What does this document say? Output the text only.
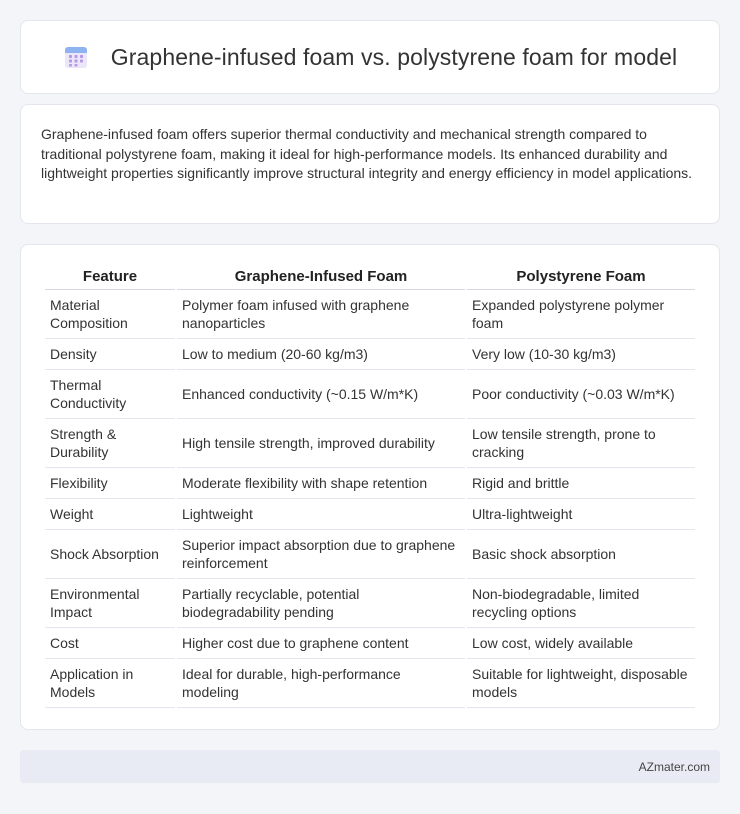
Graphene-infused foam vs. polystyrene foam for model

Graphene-infused foam offers superior thermal conductivity and mechanical strength compared to traditional polystyrene foam, making it ideal for high-performance models. Its enhanced durability and lightweight properties significantly improve structural integrity and energy efficiency in model applications.

Feature	Graphene-Infused Foam	Polystyrene Foam
Material Composition	Polymer foam infused with graphene nanoparticles	Expanded polystyrene polymer foam
Density	Low to medium (20-60 kg/m3)	Very low (10-30 kg/m3)
Thermal Conductivity	Enhanced conductivity (~0.15 W/m*K)	Poor conductivity (~0.03 W/m*K)
Strength & Durability	High tensile strength, improved durability	Low tensile strength, prone to cracking
Flexibility	Moderate flexibility with shape retention	Rigid and brittle
Weight	Lightweight	Ultra-lightweight
Shock Absorption	Superior impact absorption due to graphene reinforcement	Basic shock absorption
Environmental Impact	Partially recyclable, potential biodegradability pending	Non-biodegradable, limited recycling options
Cost	Higher cost due to graphene content	Low cost, widely available
Application in Models	Ideal for durable, high-performance modeling	Suitable for lightweight, disposable models
AZmater.com
